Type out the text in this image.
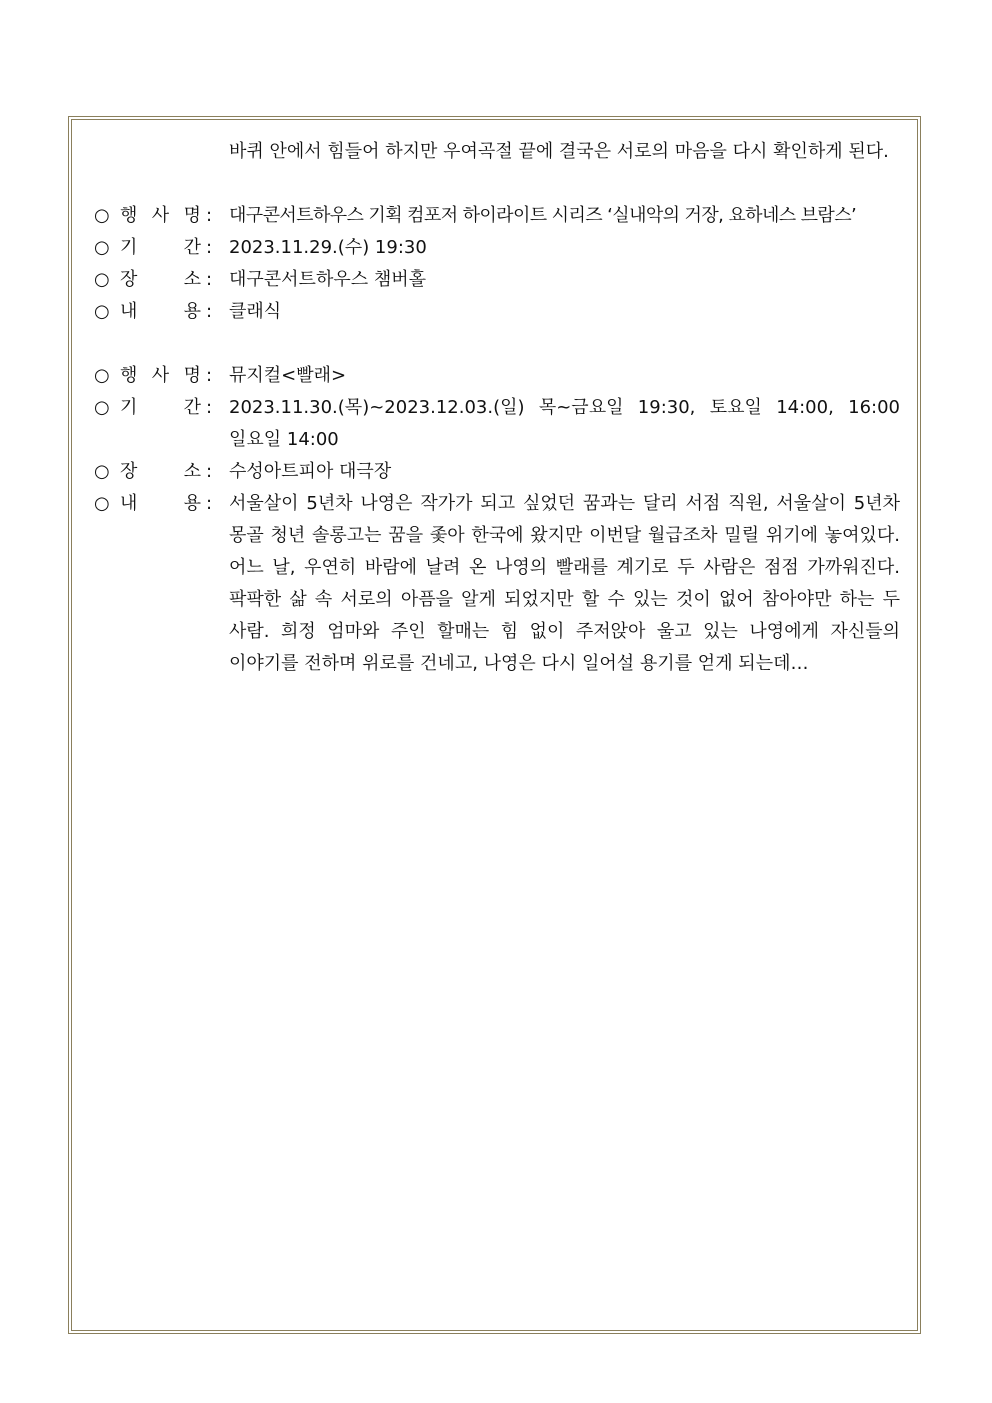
바퀴 안에서 힘들어 하지만 우여곡절 끝에 결국은 서로의 마음을 다시 확인하게 된다.
○ 행 사 명 : 대구콘서트하우스 기획 컴포저 하이라이트 시리즈 ‘실내악의 거장, 요하네스 브람스’
○ 기 간 : 2023.11.29.(수) 19:30
○ 장 소 : 대구콘서트하우스 챔버홀
○ 내 용 : 클래식
○ 행 사 명 : 뮤지컬<빨래>
○ 기 간 : 2023.11.30.(목)~2023.12.03.(일) 목~금요일 19:30, 토요일 14:00, 16:00 일요일 14:00
○ 장 소 : 수성아트피아 대극장
○ 내 용 : 서울살이 5년차 나영은 작가가 되고 싶었던 꿈과는 달리 서점 직원, 서울살이 5년차 몽골 청년 솔롱고는 꿈을 좇아 한국에 왔지만 이번달 월급조차 밀릴 위기에 놓여있다. 어느 날, 우연히 바람에 날려 온 나영의 빨래를 계기로 두 사람은 점점 가까워진다. 팍팍한 삶 속 서로의 아픔을 알게 되었지만 할 수 있는 것이 없어 참아야만 하는 두 사람. 희정 엄마와 주인 할매는 힘 없이 주저앉아 울고 있는 나영에게 자신들의 이야기를 전하며 위로를 건네고, 나영은 다시 일어설 용기를 얻게 되는데…
